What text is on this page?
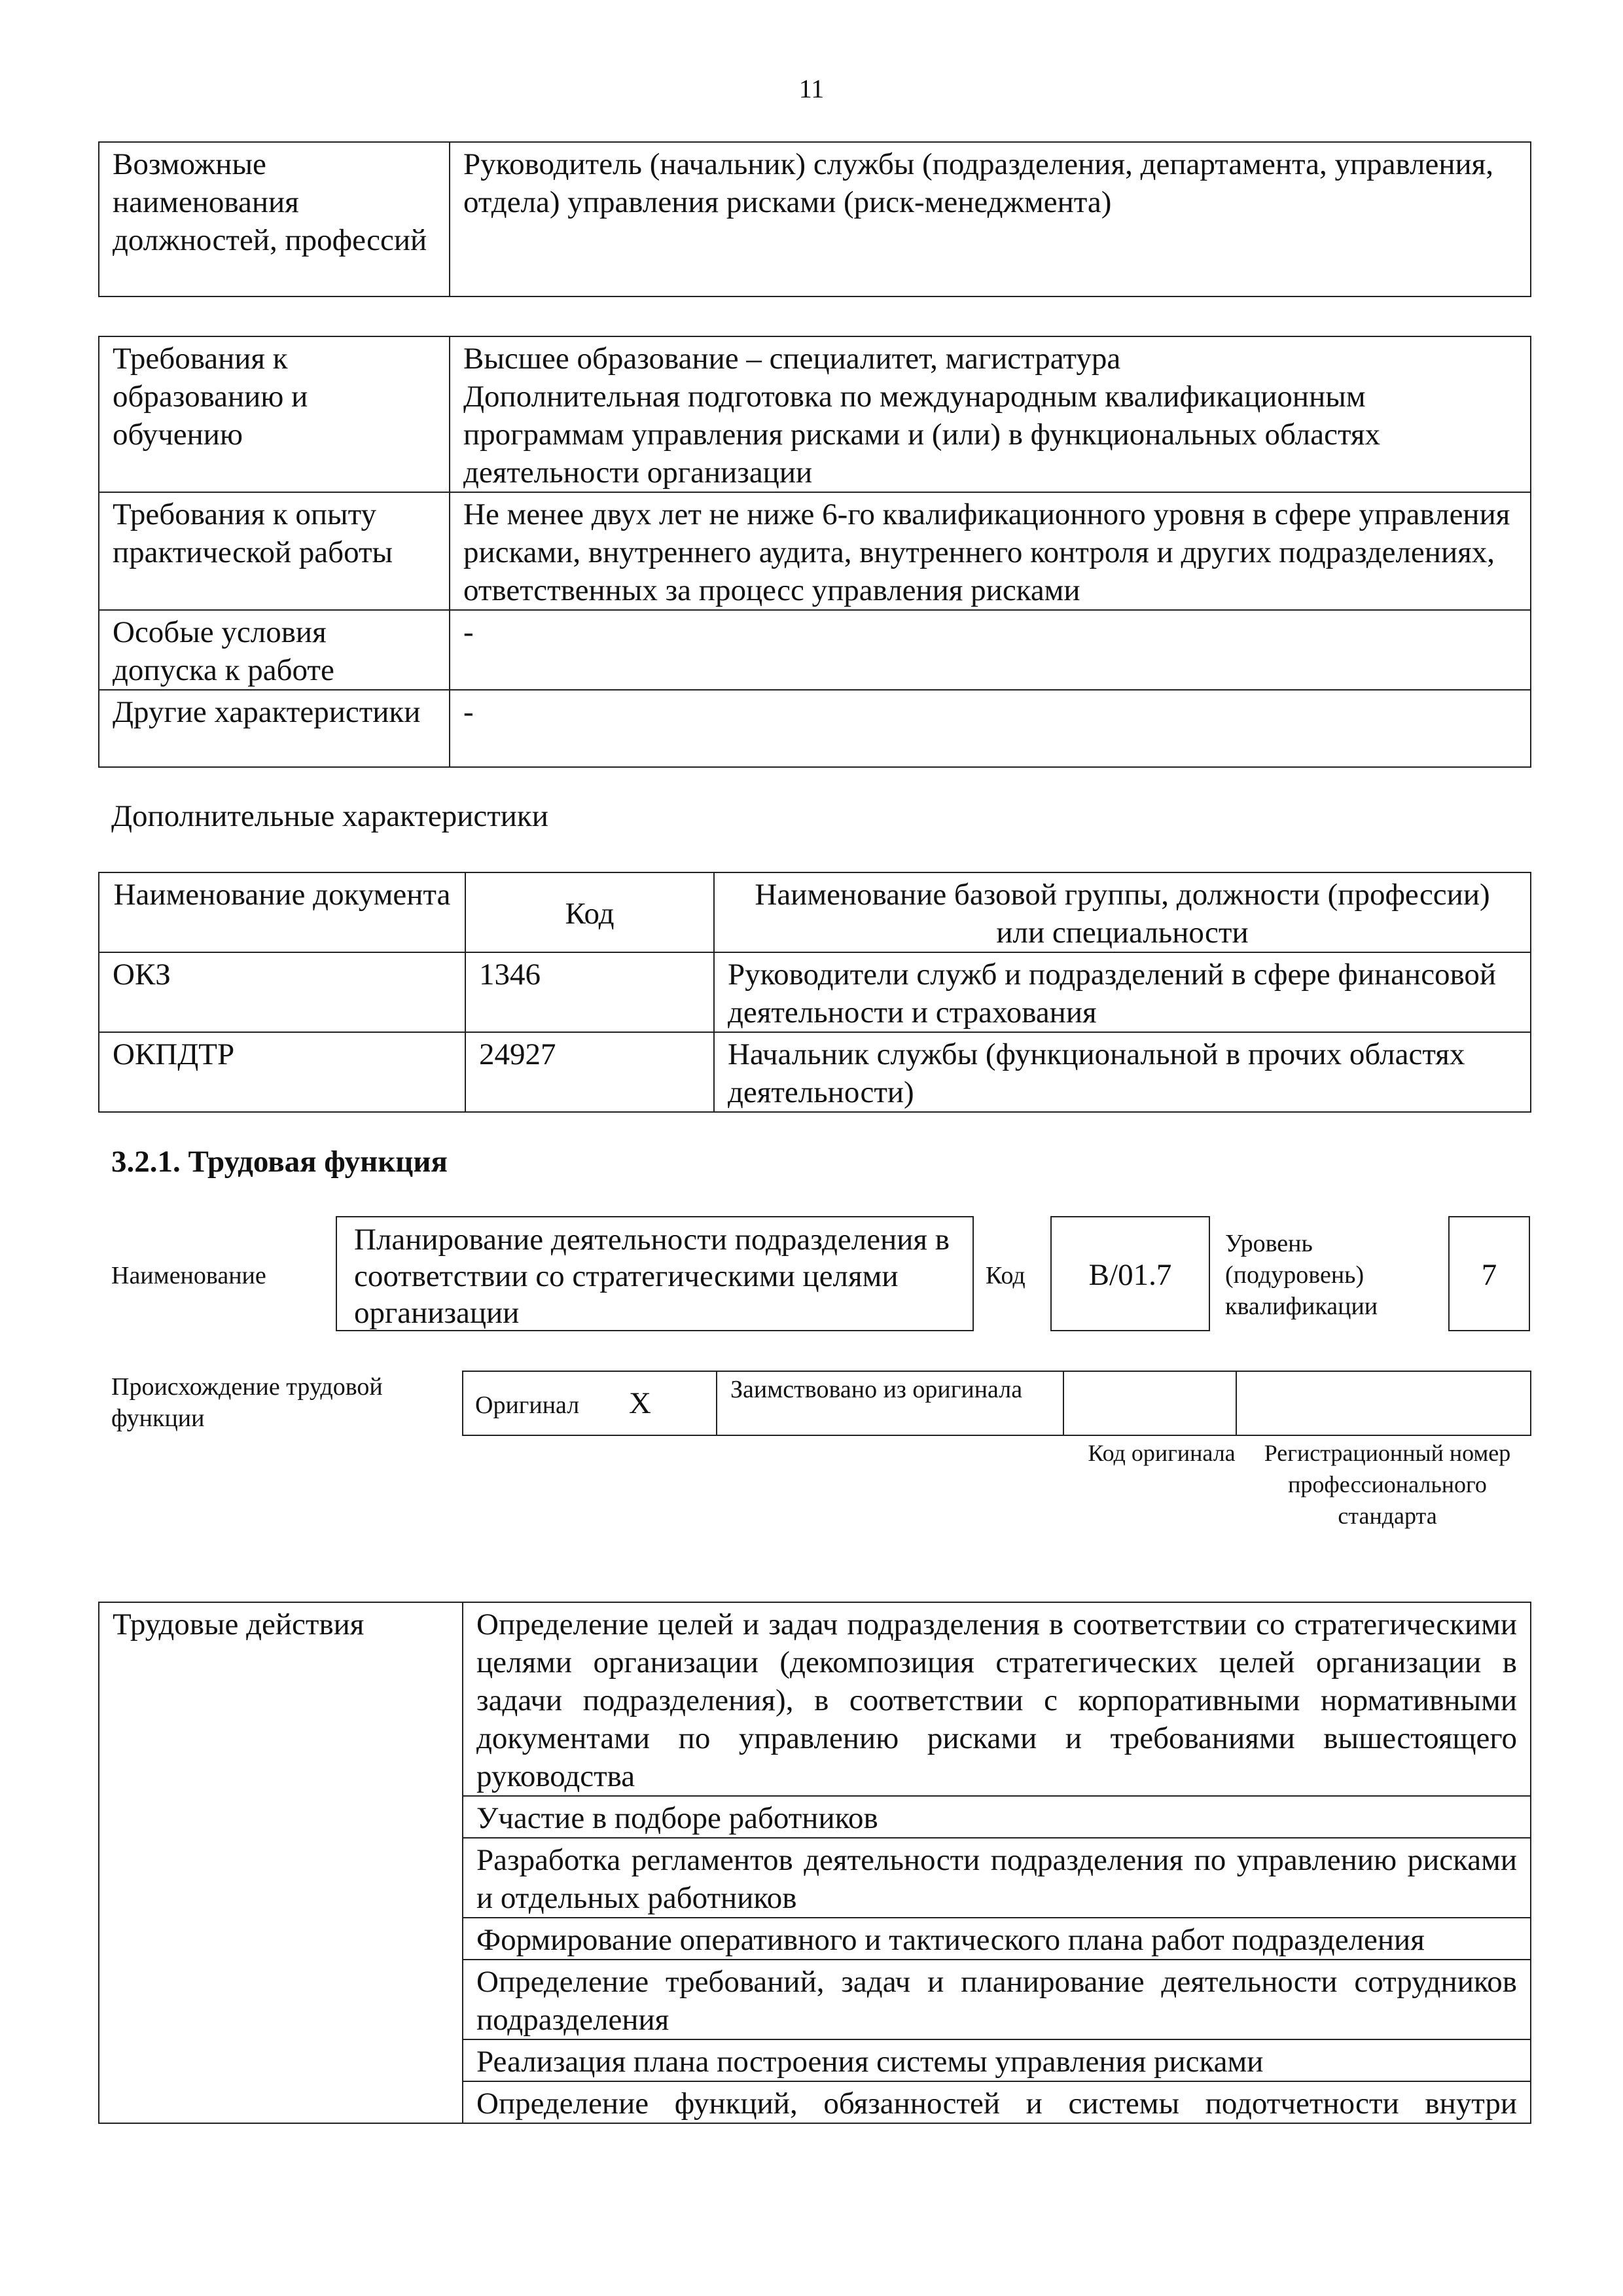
11
Возможные наименования должностей, профессий	Руководитель (начальник) службы (подразделения, департамента, управления, отдела) управления рисками (риск-менеджмента)
Требования к образованию и обучению	Высшее образование – специалитет, магистратура
Дополнительная подготовка по международным квалификационным программам управления рисками и (или) в функциональных областях деятельности организации

Требования к опыту практической работы	Не менее двух лет не ниже 6-го квалификационного уровня в сфере управления рисками, внутреннего аудита, внутреннего контроля и других подразделениях, ответственных за процесс управления рисками
Особые условия допуска к работе	-
Другие характеристики	-
Дополнительные характеристики
Наименование документа	Код	Наименование базовой группы, должности (профессии) или специальности
ОКЗ	1346	Руководители служб и подразделений в сфере финансовой деятельности и страхования
ОКПДТР	24927	Начальник службы (функциональной в прочих областях деятельности)
3.2.1. Трудовая функция
Наименование
Планирование деятельности подразделения в соответствии со стратегическими целями организации
Код	B/01.7
Уровень (подуровень) квалификации
7
Происхождение трудовой функции	Оригинал X	Заимствовано из оригинала		
Код оригинала	Регистрационный номер профессионального стандарта
Трудовые действия	Определение целей и задач подразделения в соответствии со стратегическими целями организации (декомпозиция стратегических целей организации в задачи подразделения), в соответствии с корпоративными нормативными документами по управлению рисками и требованиями вышестоящего руководства
Участие в подборе работников
Разработка регламентов деятельности подразделения по управлению рисками и отдельных работников
Формирование оперативного и тактического плана работ подразделения
Определение требований, задач и планирование деятельности сотрудников подразделения
Реализация плана построения системы управления рисками
Определение функций, обязанностей и системы подотчетности внутри
